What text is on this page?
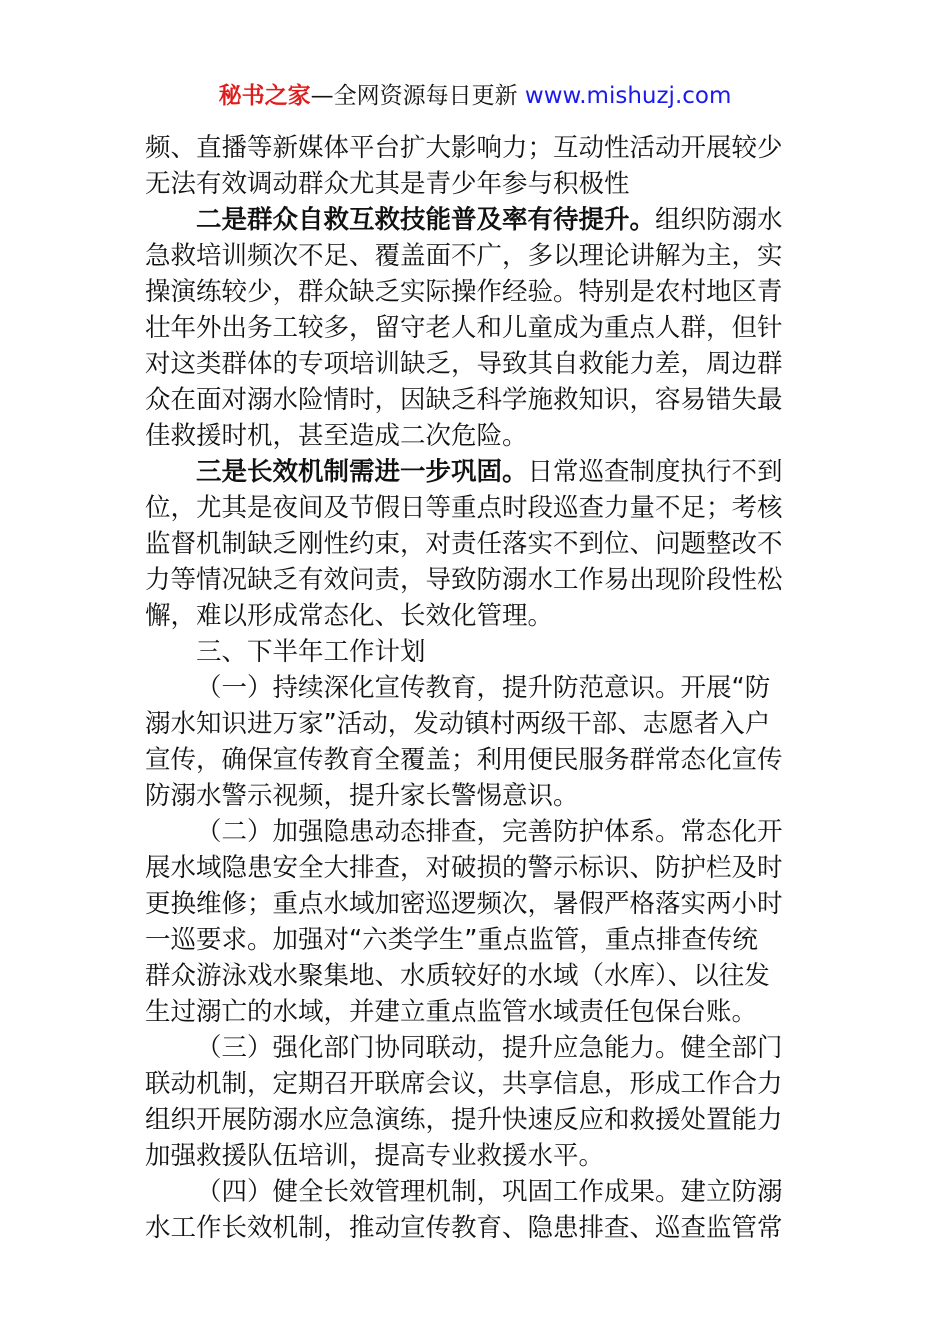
秘书之家—全网资源每日更新 www.mishuzj.com
频、直播等新媒体平台扩大影响力；互动性活动开展较少
无法有效调动群众尤其是青少年参与积极性
二是群众自救互救技能普及率有待提升。组织防溺水
急救培训频次不足、覆盖面不广，多以理论讲解为主，实
操演练较少，群众缺乏实际操作经验。特别是农村地区青
壮年外出务工较多，留守老人和儿童成为重点人群，但针
对这类群体的专项培训缺乏，导致其自救能力差，周边群
众在面对溺水险情时，因缺乏科学施救知识，容易错失最
佳救援时机，甚至造成二次危险。
三是长效机制需进一步巩固。日常巡查制度执行不到
位，尤其是夜间及节假日等重点时段巡查力量不足；考核
监督机制缺乏刚性约束，对责任落实不到位、问题整改不
力等情况缺乏有效问责，导致防溺水工作易出现阶段性松
懈，难以形成常态化、长效化管理。
三、下半年工作计划
（一）持续深化宣传教育，提升防范意识。开展“防
溺水知识进万家”活动，发动镇村两级干部、志愿者入户
宣传，确保宣传教育全覆盖；利用便民服务群常态化宣传
防溺水警示视频，提升家长警惕意识。
（二）加强隐患动态排查，完善防护体系。常态化开
展水域隐患安全大排查，对破损的警示标识、防护栏及时
更换维修；重点水域加密巡逻频次，暑假严格落实两小时
一巡要求。加强对“六类学生”重点监管，重点排查传统
群众游泳戏水聚集地、水质较好的水域（水库）、以往发
生过溺亡的水域，并建立重点监管水域责任包保台账。
（三）强化部门协同联动，提升应急能力。健全部门
联动机制，定期召开联席会议，共享信息，形成工作合力
组织开展防溺水应急演练，提升快速反应和救援处置能力
加强救援队伍培训，提高专业救援水平。
（四）健全长效管理机制，巩固工作成果。建立防溺
水工作长效机制，推动宣传教育、隐患排查、巡查监管常
